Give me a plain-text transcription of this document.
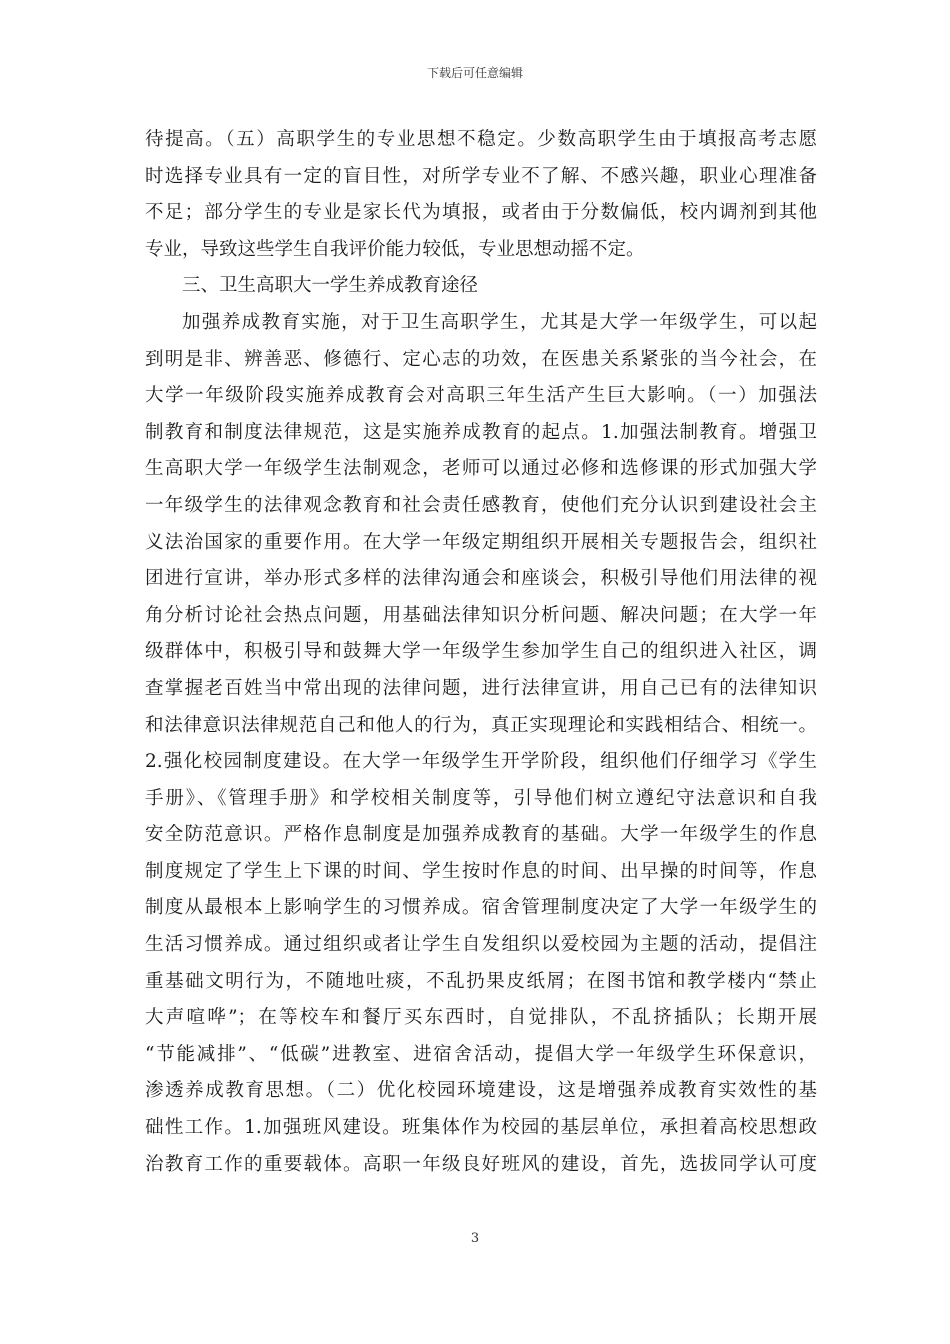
下载后可任意编辑
待提高。（五）高职学生的专业思想不稳定。少数高职学生由于填报高考志愿
时选择专业具有一定的盲目性，对所学专业不了解、不感兴趣，职业心理准备
不足；部分学生的专业是家长代为填报，或者由于分数偏低，校内调剂到其他
专业，导致这些学生自我评价能力较低，专业思想动摇不定。
三、卫生高职大一学生养成教育途径
加强养成教育实施，对于卫生高职学生，尤其是大学一年级学生，可以起
到明是非、辨善恶、修德行、定心志的功效，在医患关系紧张的当今社会，在
大学一年级阶段实施养成教育会对高职三年生活产生巨大影响。（一）加强法
制教育和制度法律规范，这是实施养成教育的起点。1.加强法制教育。增强卫
生高职大学一年级学生法制观念，老师可以通过必修和选修课的形式加强大学
一年级学生的法律观念教育和社会责任感教育，使他们充分认识到建设社会主
义法治国家的重要作用。在大学一年级定期组织开展相关专题报告会，组织社
团进行宣讲，举办形式多样的法律沟通会和座谈会，积极引导他们用法律的视
角分析讨论社会热点问题，用基础法律知识分析问题、解决问题；在大学一年
级群体中，积极引导和鼓舞大学一年级学生参加学生自己的组织进入社区，调
查掌握老百姓当中常出现的法律问题，进行法律宣讲，用自己已有的法律知识
和法律意识法律规范自己和他人的行为，真正实现理论和实践相结合、相统一。
2.强化校园制度建设。在大学一年级学生开学阶段，组织他们仔细学习《学生
手册》、《管理手册》和学校相关制度等，引导他们树立遵纪守法意识和自我
安全防范意识。严格作息制度是加强养成教育的基础。大学一年级学生的作息
制度规定了学生上下课的时间、学生按时作息的时间、出早操的时间等，作息
制度从最根本上影响学生的习惯养成。宿舍管理制度决定了大学一年级学生的
生活习惯养成。通过组织或者让学生自发组织以爱校园为主题的活动，提倡注
重基础文明行为，不随地吐痰，不乱扔果皮纸屑；在图书馆和教学楼内“禁止
大声喧哗”；在等校车和餐厅买东西时，自觉排队，不乱挤插队；长期开展
“节能减排”、“低碳”进教室、进宿舍活动，提倡大学一年级学生环保意识，
渗透养成教育思想。（二）优化校园环境建设，这是增强养成教育实效性的基
础性工作。1.加强班风建设。班集体作为校园的基层单位，承担着高校思想政
治教育工作的重要载体。高职一年级良好班风的建设，首先，选拔同学认可度
3
